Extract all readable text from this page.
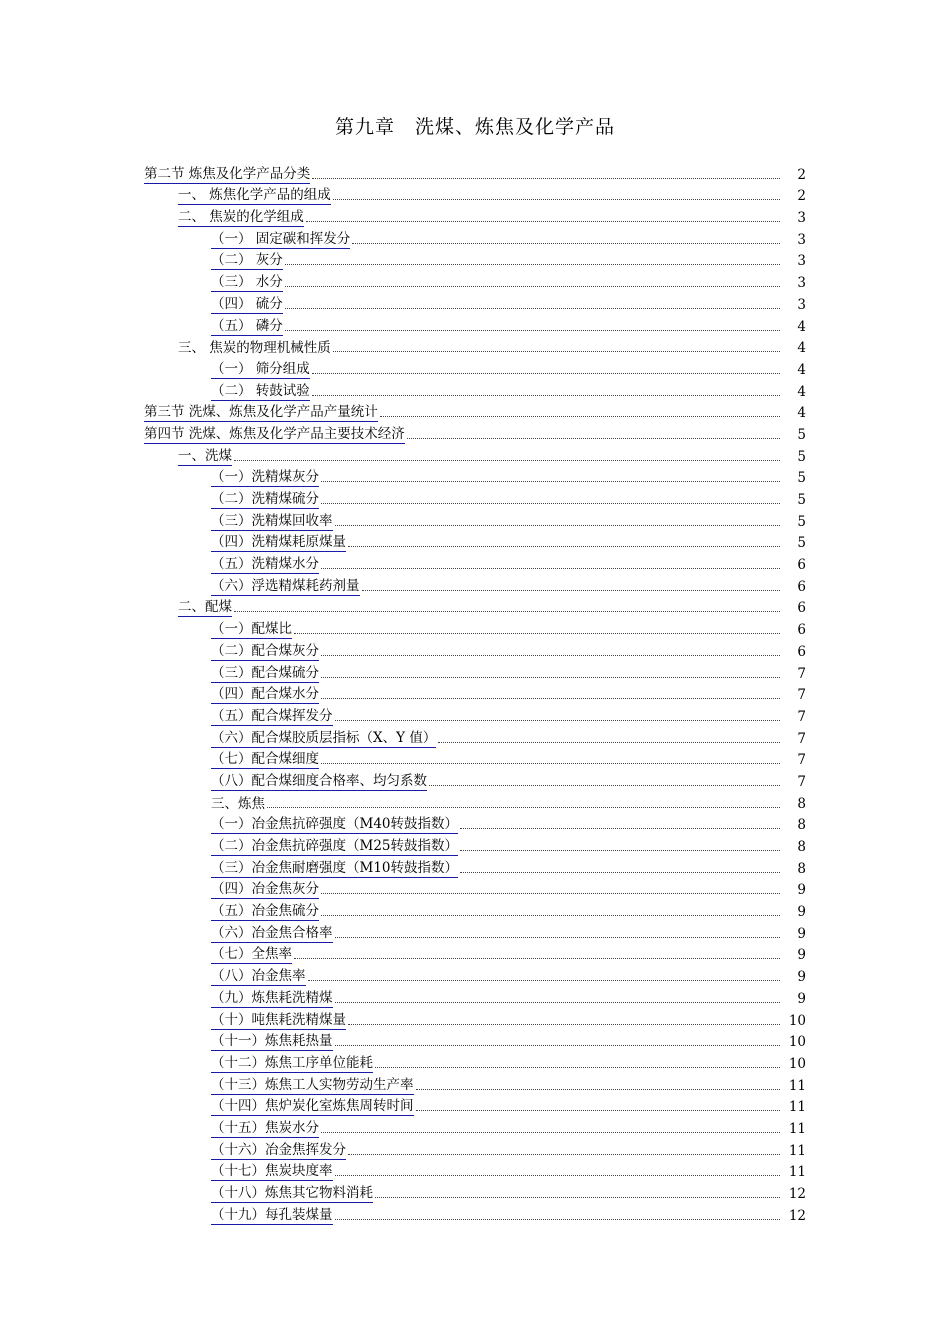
第九章　洗煤、炼焦及化学产品
第二节 炼焦及化学产品分类	2
一、 炼焦化学产品的组成	2
二、 焦炭的化学组成	3
（一） 固定碳和挥发分	3
（二） 灰分	3
（三） 水分	3
（四） 硫分	3
（五） 磷分	4
三、 焦炭的物理机械性质	4
（一） 筛分组成	4
（二） 转鼓试验	4
第三节 洗煤、炼焦及化学产品产量统计	4
第四节 洗煤、炼焦及化学产品主要技术经济	5
一、洗煤	5
（一）洗精煤灰分	5
（二）洗精煤硫分	5
（三）洗精煤回收率	5
（四）洗精煤耗原煤量	5
（五）洗精煤水分	6
（六）浮选精煤耗药剂量	6
二、配煤	6
（一）配煤比	6
（二）配合煤灰分	6
（三）配合煤硫分	7
（四）配合煤水分	7
（五）配合煤挥发分	7
（六）配合煤胶质层指标（X、Y 值）	7
（七）配合煤细度	7
（八）配合煤细度合格率、均匀系数	7
三、炼焦	8
（一）冶金焦抗碎强度（M40转鼓指数）	8
（二）冶金焦抗碎强度（M25转鼓指数）	8
（三）冶金焦耐磨强度（M10转鼓指数）	8
（四）冶金焦灰分	9
（五）冶金焦硫分	9
（六）冶金焦合格率	9
（七）全焦率	9
（八）冶金焦率	9
（九）炼焦耗洗精煤	9
（十）吨焦耗洗精煤量	10
（十一）炼焦耗热量	10
（十二）炼焦工序单位能耗	10
（十三）炼焦工人实物劳动生产率	11
（十四）焦炉炭化室炼焦周转时间	11
（十五）焦炭水分	11
（十六）冶金焦挥发分	11
（十七）焦炭块度率	11
（十八）炼焦其它物料消耗	12
（十九）每孔装煤量	12
